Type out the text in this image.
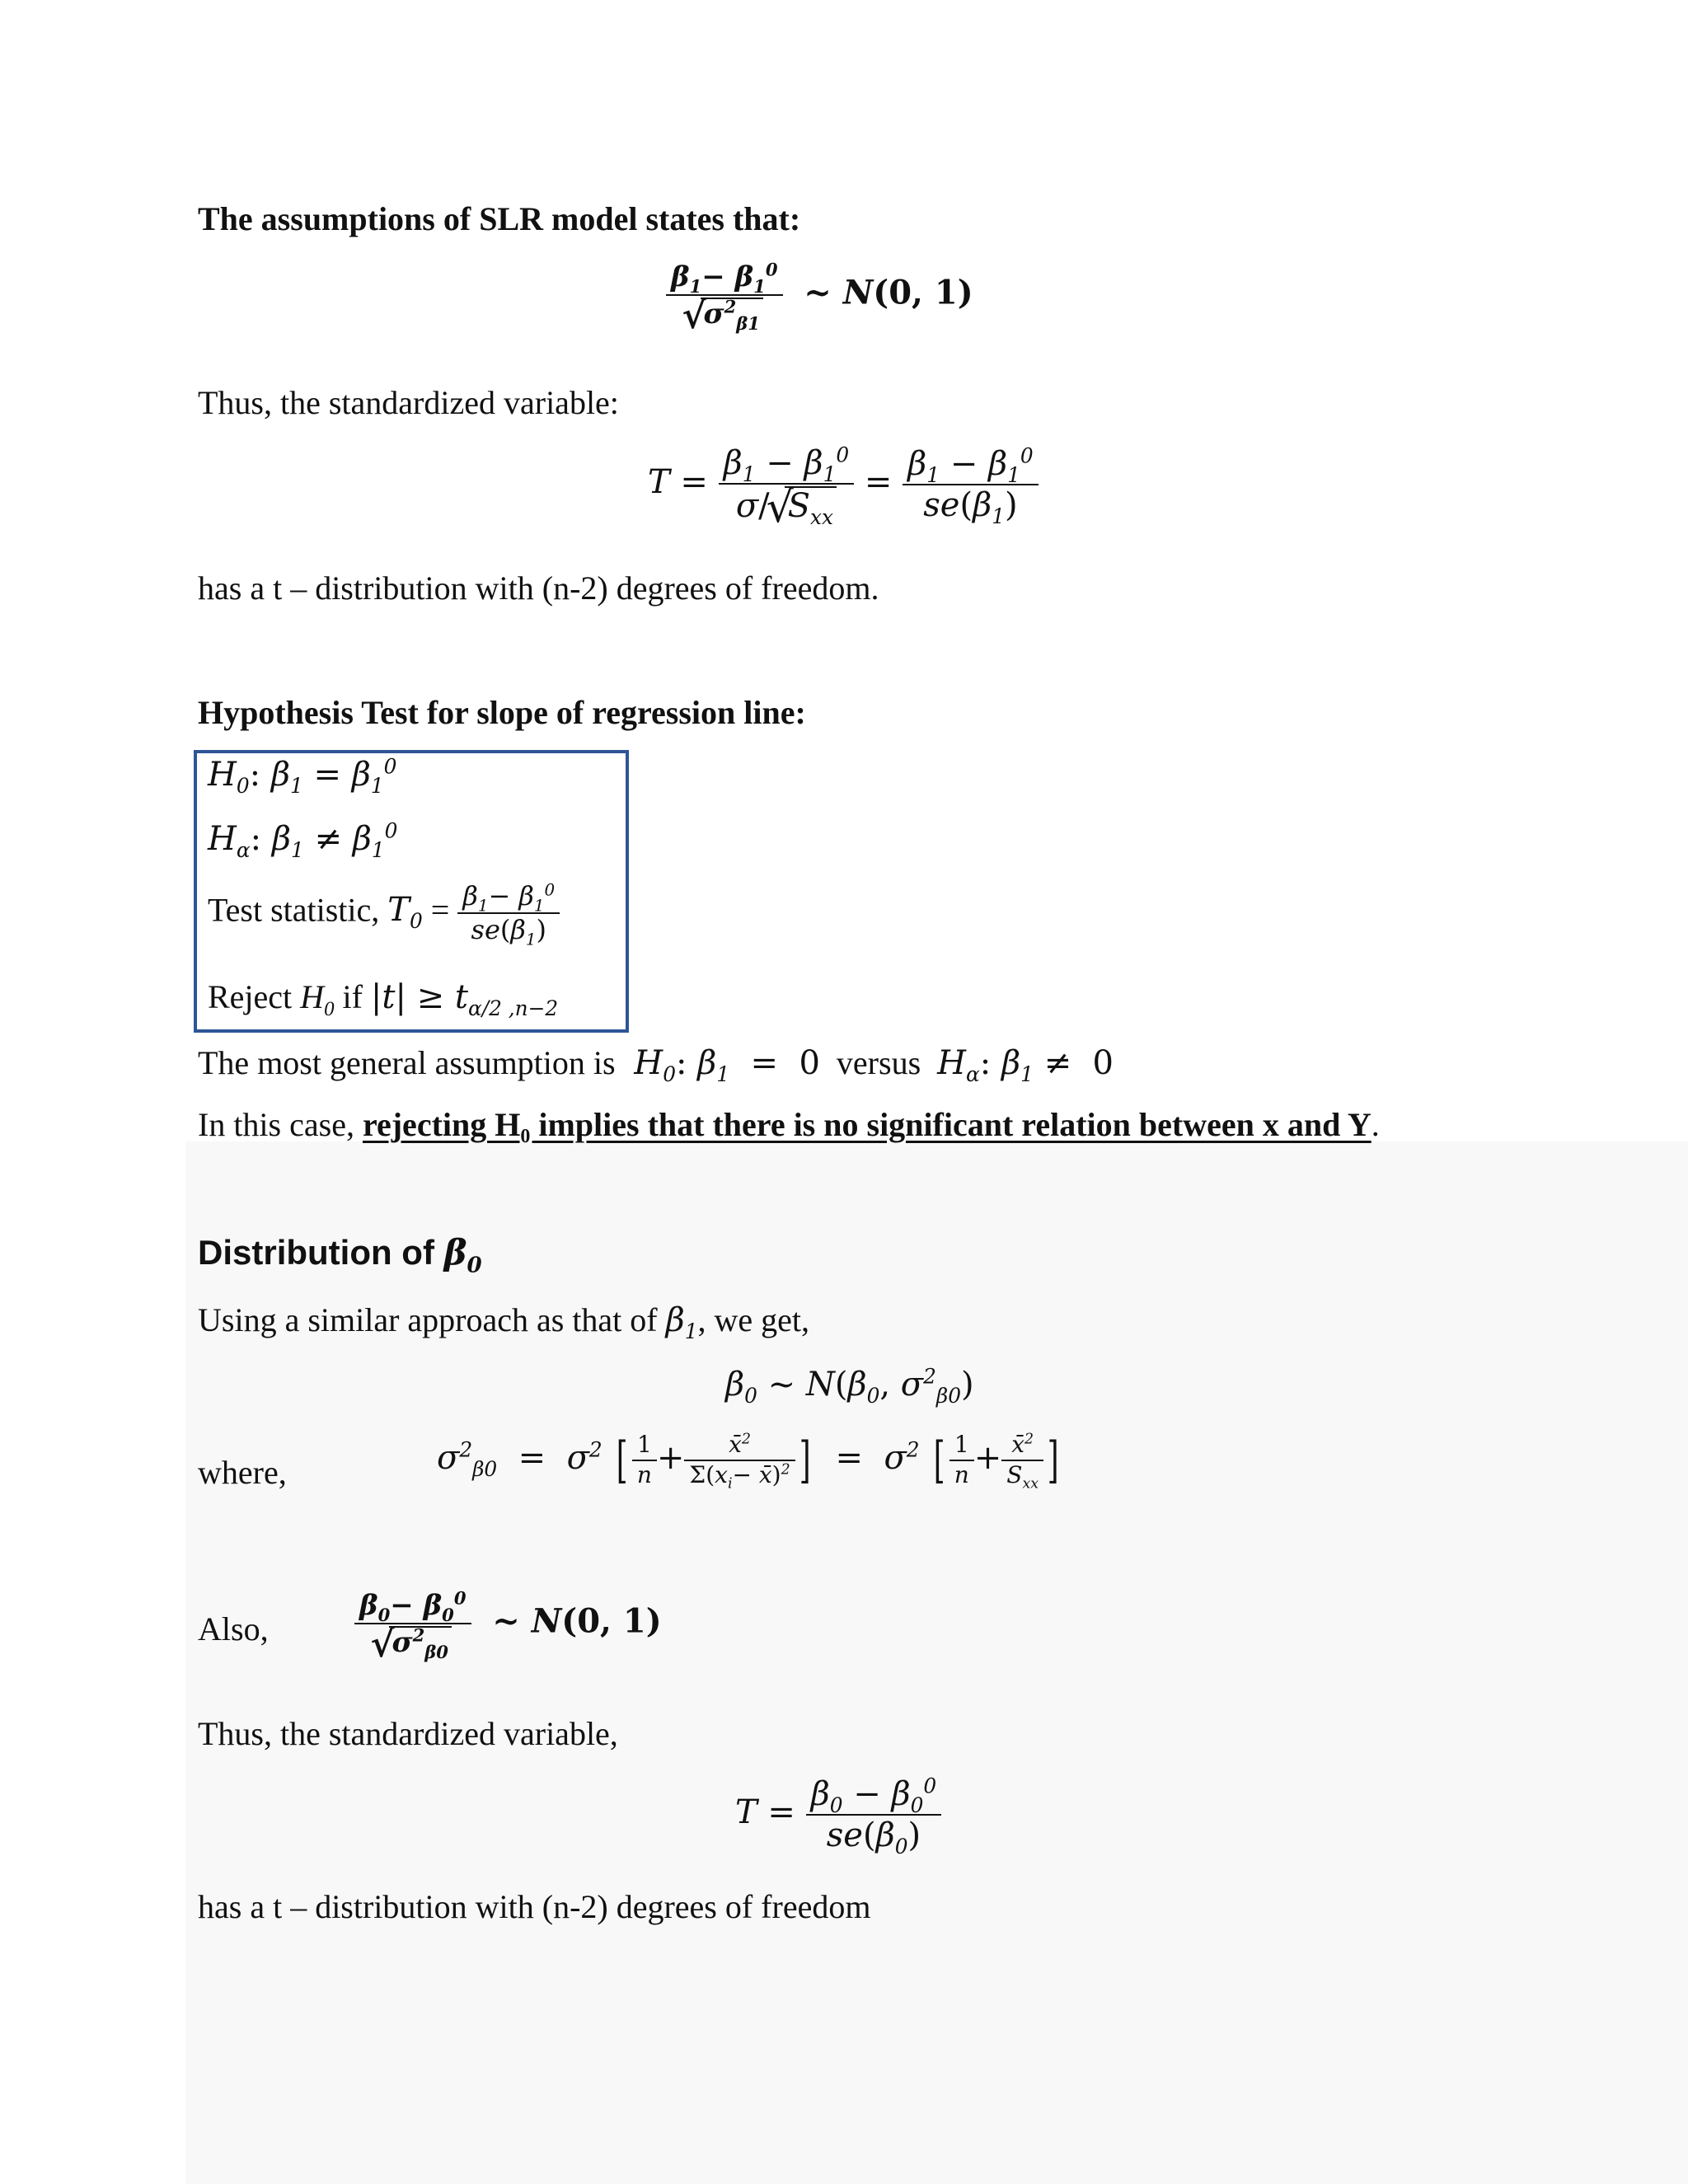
The assumptions of SLR model states that:
$\beta_1- \beta_1^0$
√ $\sigma^2_{\beta 1}$ ~ N(0, 1)
Thus, the standardized variable:
$T = \frac{\beta_1 - \beta_1^0}{\sigma/√ S_{xx}} = \frac{\beta_1 - \beta_1^0}{se(\beta_1)}$
has a t – distribution with (n-2) degrees of freedom.
Hypothesis Test for slope of regression line:
$H_0$: $\beta_1 = \beta_1^0$
$H_\alpha$: $\beta_1 \ne \beta_1^0$
Test statistic, $T_0 = \frac{\beta_1- \beta_1^0}{se(\beta_1)}$
Reject $H_0$ if $|t| \ge t_{\alpha/2 ,n-2}$
The most general assumption is  $H_0$: $\beta_1 = 0$ versus $H_\alpha$: $\beta_1 \ne 0$
In this case, rejecting H₀ implies that there is no significant relation between x and Y.
Distribution of $\beta_0$
Using a similar approach as that of $\beta_1$, we get,
$\beta_0$ ~ $N(\beta_0$, $\sigma^2_{\beta 0}$)
where,	$\sigma^2_{\beta 0} = \sigma^2$ [ $\frac{1}{n} + \frac{x̄^2}{\Sigma(x_i- x̄)^2}$ ]  =  $\sigma^2$ [ $\frac{1}{n} + \frac{x̄^2}{S_{xx}}$ ]
Also,	$\beta_0- \beta_0^0$
√ $\sigma^2_{\beta 0}$ ~ N(0, 1)
Thus, the standardized variable,
$T = \frac{\beta_0 - \beta_0^0}{se(\beta_0)}$
has a t – distribution with (n-2) degrees of freedom
